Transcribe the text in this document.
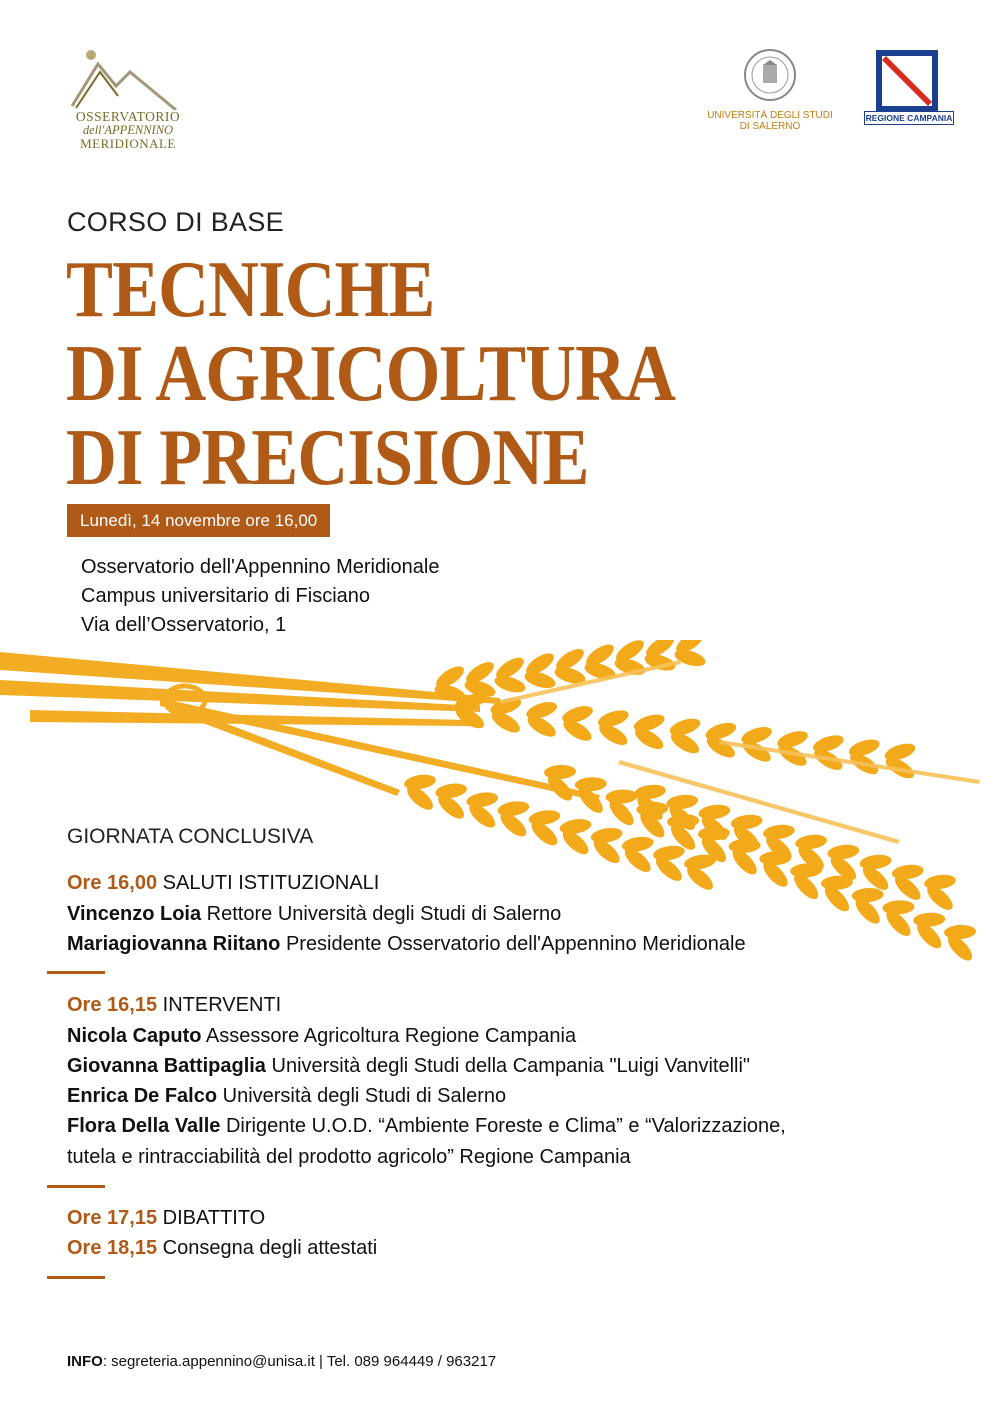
OSSERVATORIO
dell'APPENNINO
MERIDIONALE
UNIVERSITÀ DEGLI STUDI
DI SALERNO
REGIONE CAMPANIA
CORSO DI BASE
TECNICHE
DI AGRICOLTURA
DI PRECISIONE
Lunedì, 14 novembre ore 16,00
Osservatorio dell'Appennino Meridionale
Campus universitario di Fisciano
Via dell’Osservatorio, 1
GIORNATA CONCLUSIVA
Ore 16,00 SALUTI ISTITUZIONALI
Vincenzo Loia Rettore Università degli Studi di Salerno
Mariagiovanna Riitano Presidente Osservatorio dell'Appennino Meridionale
Ore 16,15 INTERVENTI
Nicola Caputo Assessore Agricoltura Regione Campania
Giovanna Battipaglia Università degli Studi della Campania "Luigi Vanvitelli"
Enrica De Falco Università degli Studi di Salerno
Flora Della Valle Dirigente U.O.D. “Ambiente Foreste e Clima” e “Valorizzazione,
tutela e rintracciabilità del prodotto agricolo” Regione Campania
Ore 17,15 DIBATTITO
Ore 18,15 Consegna degli attestati
INFO: segreteria.appennino@unisa.it | Tel. 089 964449 / 963217
